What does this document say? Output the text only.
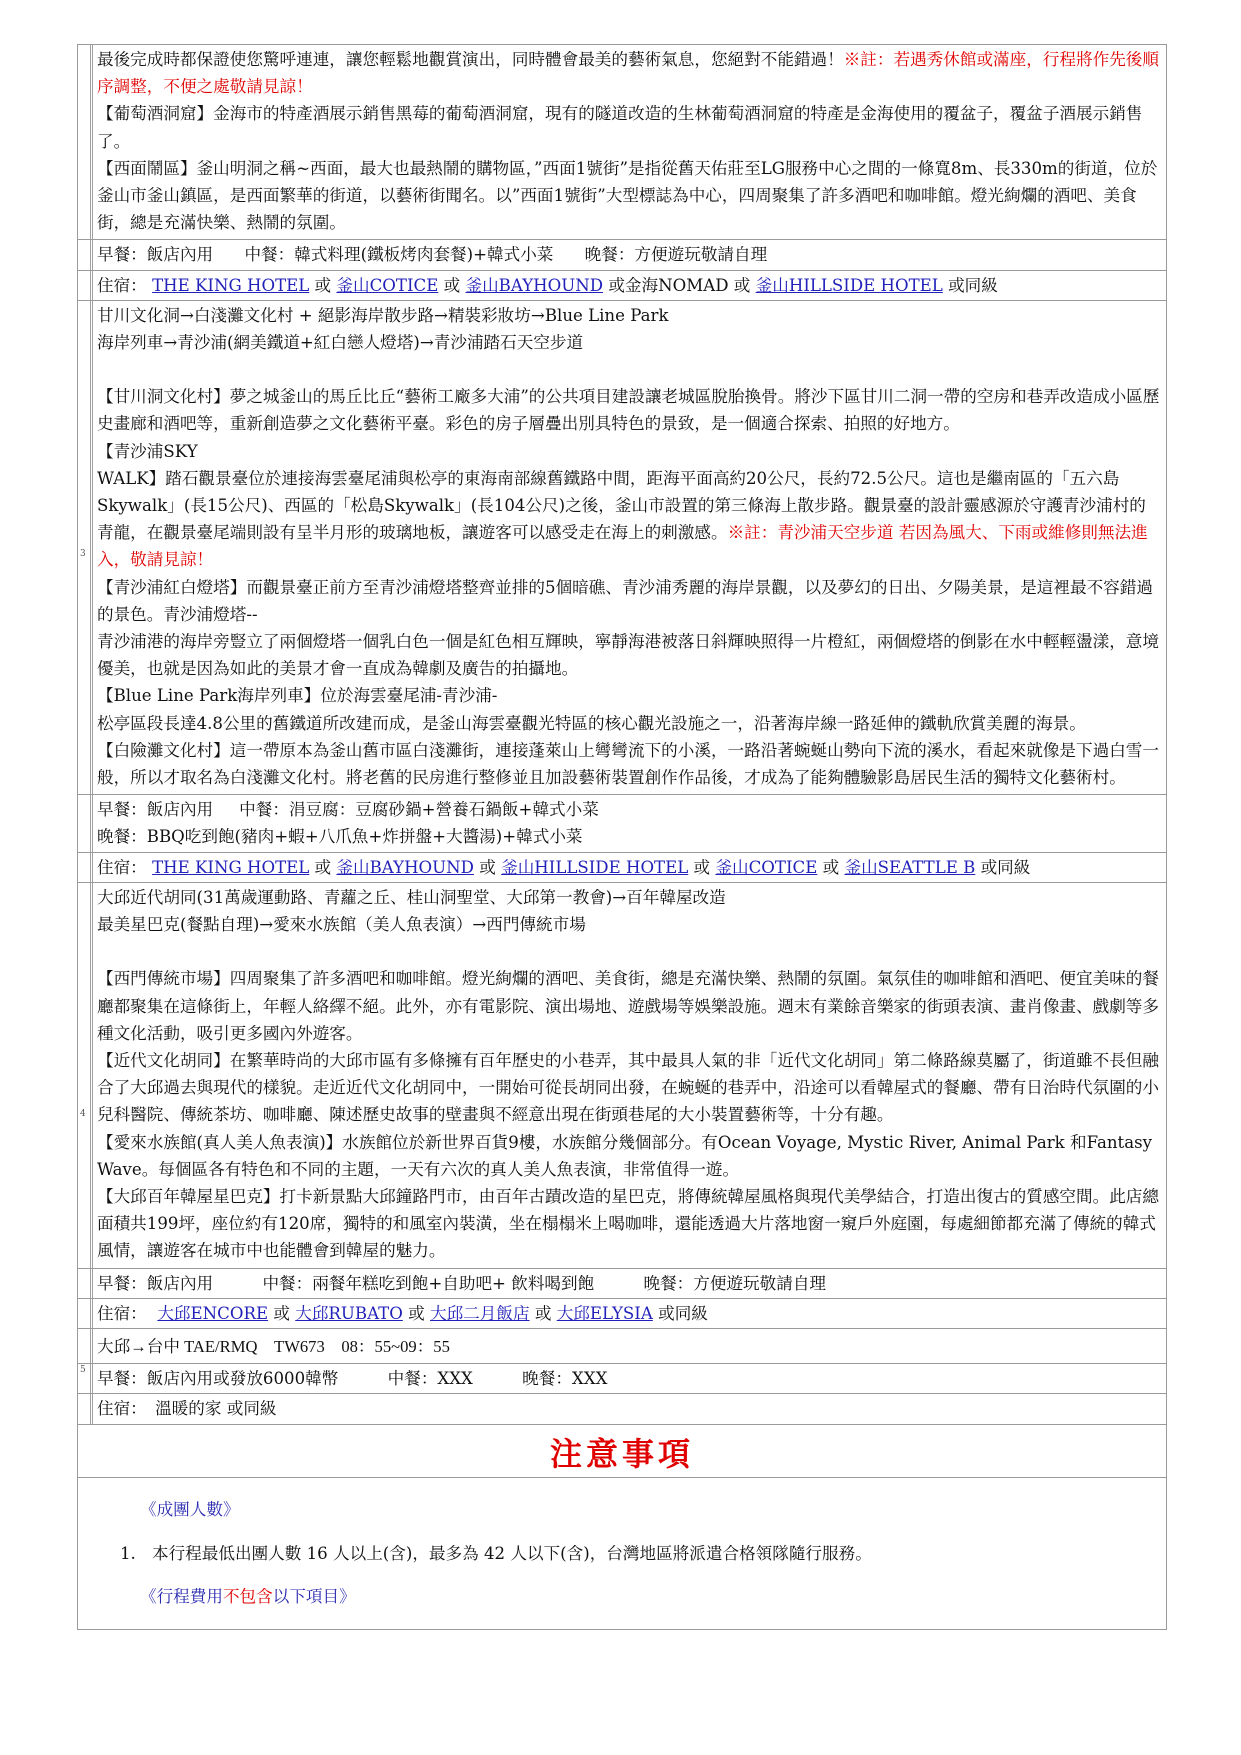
最後完成時都保證使您驚呼連連，讓您輕鬆地觀賞演出，同時體會最美的藝術氣息，您絕對不能錯過！※註：若遇秀休館或滿座，行程將作先後順序調整，不便之處敬請見諒！

【葡萄酒洞窟】金海市的特產酒展示銷售黑莓的葡萄酒洞窟，現有的隧道改造的生林葡萄酒洞窟的特產是金海使用的覆盆子，覆盆子酒展示銷售了。

【西面鬧區】釜山明洞之稱~西面，最大也最熱鬧的購物區，”西面1號街”是指從舊天佑莊至LG服務中心之間的一條寬8m、長330m的街道，位於釜山市釜山鎮區，是西面繁華的街道，以藝術街聞名。以”西面1號街”大型標誌為中心，四周聚集了許多酒吧和咖啡館。燈光絢爛的酒吧、美食街，總是充滿快樂、熱鬧的氛圍。

早餐：飯店內用 中餐：韓式料理(鐵板烤肉套餐)+韓式小菜 晚餐：方便遊玩敬請自理
住宿： THE KING HOTEL 或 釜山COTICE 或 釜山BAYHOUND 或金海NOMAD 或 釜山HILLSIDE HOTEL 或同級
3

甘川文化洞→白淺灘文化村 + 絕影海岸散步路→精裝彩妝坊→Blue Line Park

海岸列車→青沙浦(網美鐵道+紅白戀人燈塔)→青沙浦踏石天空步道

【甘川洞文化村】夢之城釜山的馬丘比丘“藝術工廠多大浦”的公共項目建設讓老城區脫胎換骨。將沙下區甘川二洞一帶的空房和巷弄改造成小區歷史畫廊和酒吧等，重新創造夢之文化藝術平臺。彩色的房子層疊出別具特色的景致，是一個適合探索、拍照的好地方。

【青沙浦SKY

WALK】踏石觀景臺位於連接海雲臺尾浦與松亭的東海南部線舊鐵路中間，距海平面高約20公尺，長約72.5公尺。這也是繼南區的「五六島Skywalk」(長15公尺)、西區的「松島Skywalk」(長104公尺)之後，釜山市設置的第三條海上散步路。觀景臺的設計靈感源於守護青沙浦村的青龍，在觀景臺尾端則設有呈半月形的玻璃地板，讓遊客可以感受走在海上的刺激感。※註：青沙浦天空步道 若因為風大、下雨或維修則無法進入，敬請見諒！

【青沙浦紅白燈塔】而觀景臺正前方至青沙浦燈塔整齊並排的5個暗礁、青沙浦秀麗的海岸景觀，以及夢幻的日出、夕陽美景，是這裡最不容錯過的景色。青沙浦燈塔--

青沙浦港的海岸旁豎立了兩個燈塔一個乳白色一個是紅色相互輝映，寧靜海港被落日斜輝映照得一片橙紅，兩個燈塔的倒影在水中輕輕盪漾，意境優美，也就是因為如此的美景才會一直成為韓劇及廣告的拍攝地。

【Blue Line Park海岸列車】位於海雲臺尾浦-青沙浦-

松亭區段長達4.8公里的舊鐵道所改建而成，是釜山海雲臺觀光特區的核心觀光設施之一，沿著海岸線一路延伸的鐵軌欣賞美麗的海景。

【白險灘文化村】這一帶原本為釜山舊市區白淺灘街，連接蓬萊山上彎彎流下的小溪，一路沿著蜿蜒山勢向下流的溪水，看起來就像是下過白雪一般，所以才取名為白淺灘文化村。將老舊的民房進行整修並且加設藝術裝置創作作品後，才成為了能夠體驗影島居民生活的獨特文化藝術村。

早餐：飯店內用 中餐：涓豆腐：豆腐砂鍋+營養石鍋飯+韓式小菜

晚餐：BBQ吃到飽(豬肉+蝦+八爪魚+炸拼盤+大醬湯)+韓式小菜

住宿： THE KING HOTEL 或 釜山BAYHOUND 或 釜山HILLSIDE HOTEL 或 釜山COTICE 或 釜山SEATTLE B 或同級
4

大邱近代胡同(31萬歲運動路、青蘿之丘、桂山洞聖堂、大邱第一教會)→百年韓屋改造

最美星巴克(餐點自理)→愛來水族館（美人魚表演）→西門傳統市場

【西門傳統市場】四周聚集了許多酒吧和咖啡館。燈光絢爛的酒吧、美食街，總是充滿快樂、熱鬧的氛圍。氣氛佳的咖啡館和酒吧、便宜美味的餐廳都聚集在這條街上，年輕人絡繹不絕。此外，亦有電影院、演出場地、遊戲場等娛樂設施。週末有業餘音樂家的街頭表演、畫肖像畫、戲劇等多種文化活動，吸引更多國內外遊客。

【近代文化胡同】在繁華時尚的大邱市區有多條擁有百年歷史的小巷弄，其中最具人氣的非「近代文化胡同」第二條路線莫屬了，街道雖不長但融合了大邱過去與現代的樣貌。走近近代文化胡同中，一開始可從長胡同出發，在蜿蜒的巷弄中，沿途可以看韓屋式的餐廳、帶有日治時代氛圍的小兒科醫院、傳統茶坊、咖啡廳、陳述歷史故事的壁畫與不經意出現在街頭巷尾的大小裝置藝術等，十分有趣。

【愛來水族館(真人美人魚表演)】水族館位於新世界百貨9樓，水族館分幾個部分。有Ocean Voyage, Mystic River, Animal Park 和Fantasy Wave。每個區各有特色和不同的主題，一天有六次的真人美人魚表演，非常值得一遊。

【大邱百年韓屋星巴克】打卡新景點大邱鐘路門市，由百年古蹟改造的星巴克，將傳統韓屋風格與現代美學結合，打造出復古的質感空間。此店總面積共199坪，座位約有120席，獨特的和風室內裝潢，坐在榻榻米上喝咖啡，還能透過大片落地窗一窺戶外庭園，每處細節都充滿了傳統的韓式風情，讓遊客在城市中也能體會到韓屋的魅力。

早餐：飯店內用	中餐：兩餐年糕吃到飽+自助吧+ 飲料喝到飽	晚餐：方便遊玩敬請自理
住宿： 大邱ENCORE 或 大邱RUBATO 或 大邱二月飯店 或 大邱ELYSIA 或同級
5

大邱→台中 TAE/RMQ　TW673　08：55~09：55

早餐：飯店內用或發放6000韓幣	中餐：XXX	晚餐：XXX
住宿：　溫暖的家 或同級
注意事項

《成團人數》

1. 本行程最低出團人數 16 人以上(含)，最多為 42 人以下(含)，台灣地區將派遣合格領隊隨行服務。

《行程費用不包含以下項目》
